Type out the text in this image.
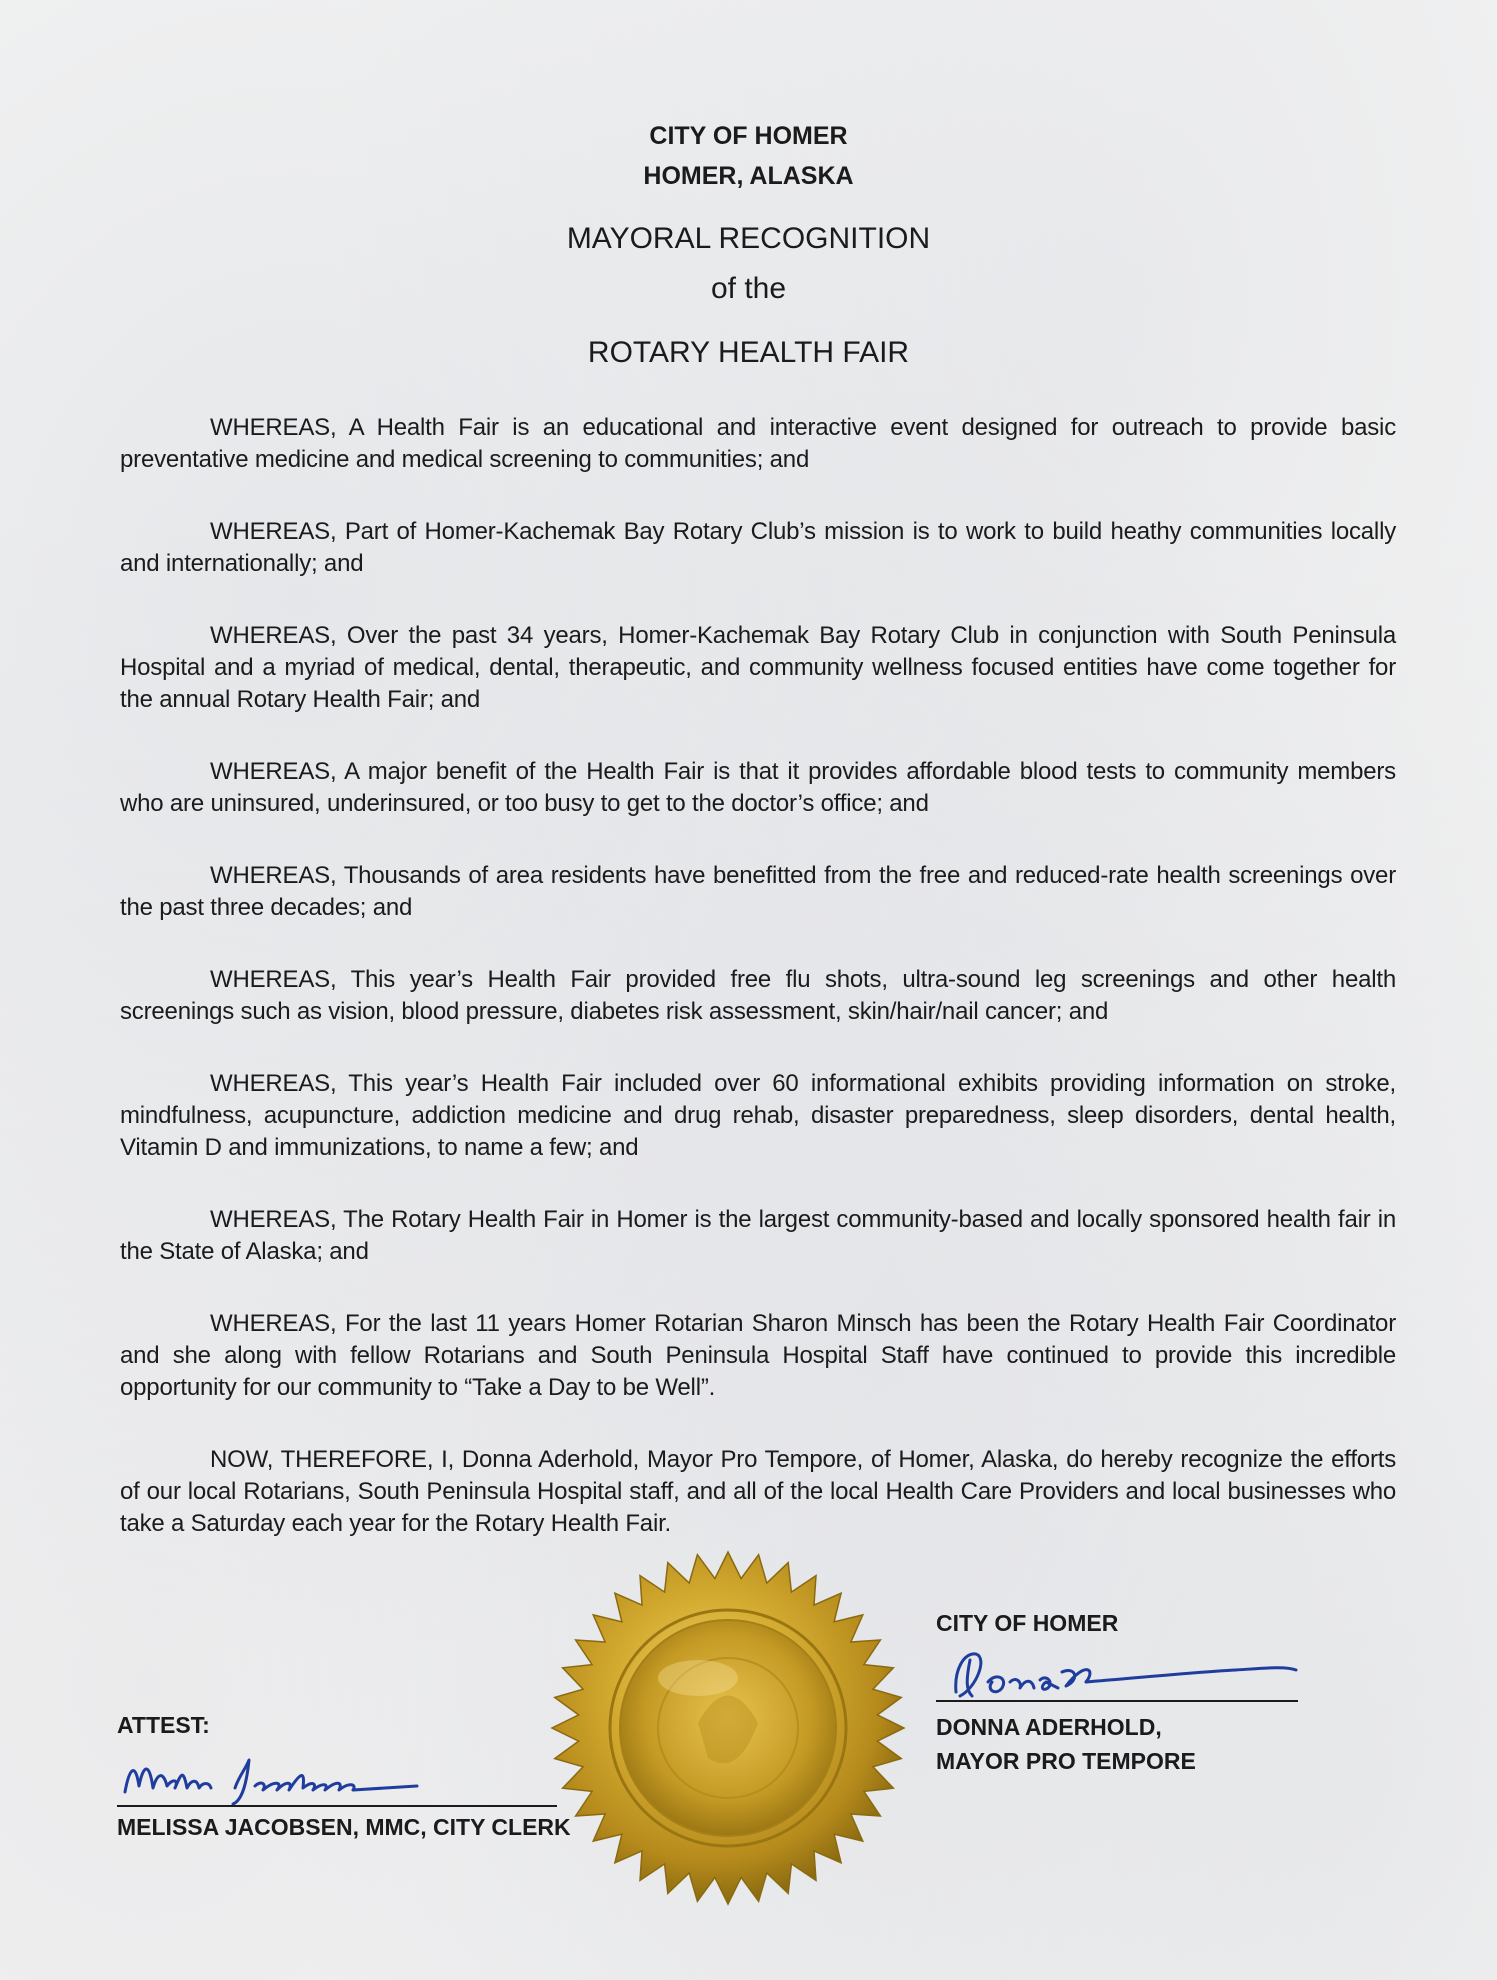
CITY OF HOMER
HOMER, ALASKA
MAYORAL RECOGNITION
of the
ROTARY HEALTH FAIR

WHEREAS, A Health Fair is an educational and interactive event designed for outreach to provide basic preventative medicine and medical screening to communities; and

WHEREAS, Part of Homer-Kachemak Bay Rotary Club’s mission is to work to build heathy communities locally and internationally; and

WHEREAS, Over the past 34 years, Homer-Kachemak Bay Rotary Club in conjunction with South Peninsula Hospital and a myriad of medical, dental, therapeutic, and community wellness focused entities have come together for the annual Rotary Health Fair; and

WHEREAS, A major benefit of the Health Fair is that it provides affordable blood tests to community members who are uninsured, underinsured, or too busy to get to the doctor’s office; and

WHEREAS, Thousands of area residents have benefitted from the free and reduced-rate health screenings over the past three decades; and

WHEREAS, This year’s Health Fair provided free flu shots, ultra-sound leg screenings and other health screenings such as vision, blood pressure, diabetes risk assessment, skin/hair/nail cancer; and

WHEREAS, This year’s Health Fair included over 60 informational exhibits providing information on stroke, mindfulness, acupuncture, addiction medicine and drug rehab, disaster preparedness, sleep disorders, dental health, Vitamin D and immunizations, to name a few; and

WHEREAS, The Rotary Health Fair in Homer is the largest community-based and locally sponsored health fair in the State of Alaska; and

WHEREAS, For the last 11 years Homer Rotarian Sharon Minsch has been the Rotary Health Fair Coordinator and she along with fellow Rotarians and South Peninsula Hospital Staff have continued to provide this incredible opportunity for our community to “Take a Day to be Well”.

NOW, THEREFORE, I, Donna Aderhold, Mayor Pro Tempore, of Homer, Alaska, do hereby recognize the efforts of our local Rotarians, South Peninsula Hospital staff, and all of the local Health Care Providers and local businesses who take a Saturday each year for the Rotary Health Fair.

CITY OF HOMER
DONNA ADERHOLD,
MAYOR PRO TEMPORE
ATTEST:
MELISSA JACOBSEN, MMC, CITY CLERK
